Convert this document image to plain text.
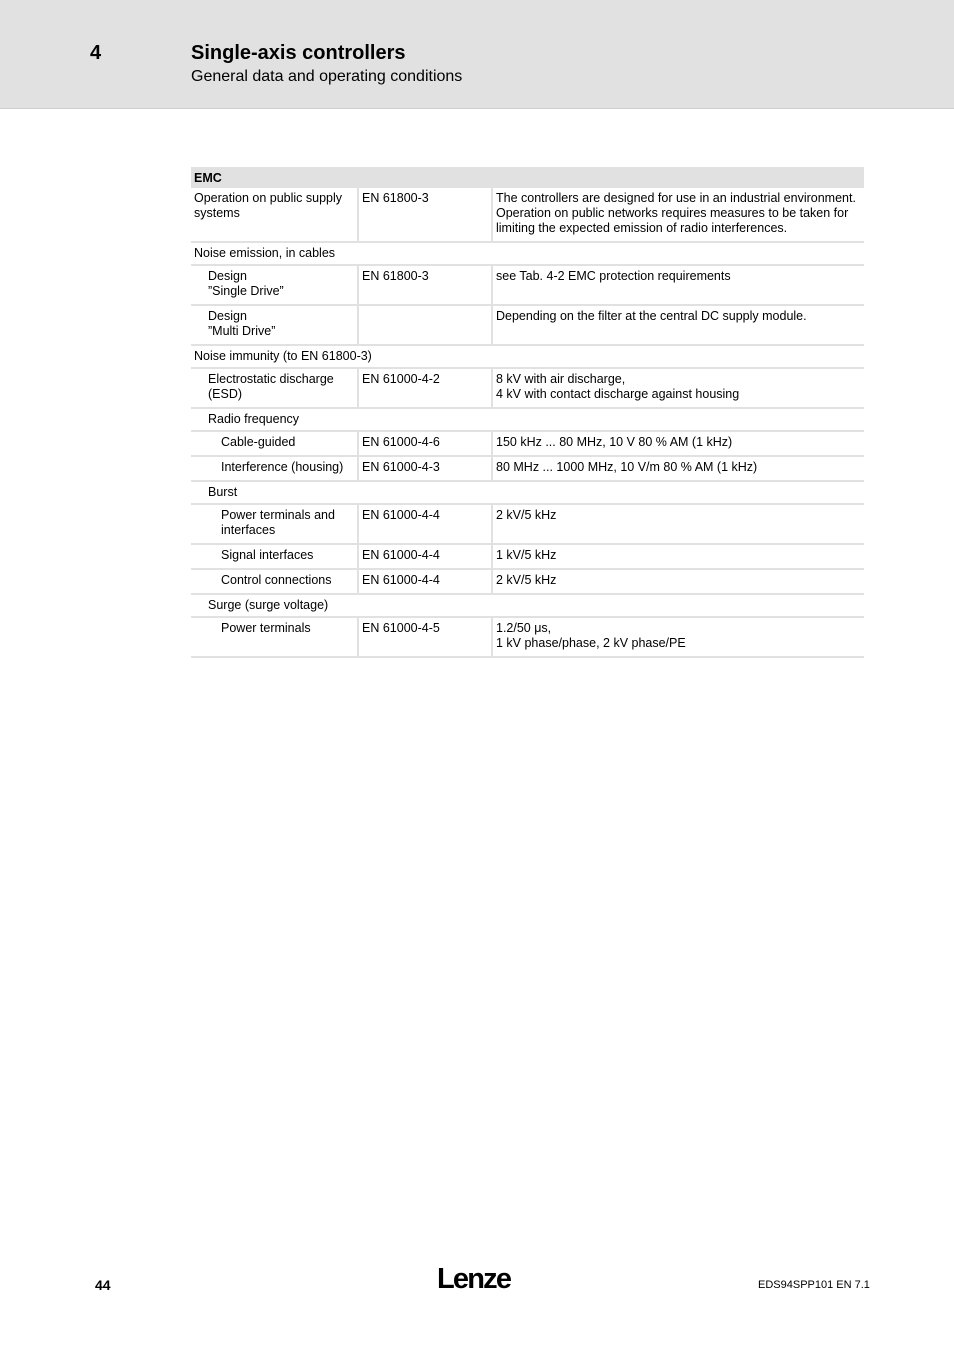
4	Single-axis controllers
General data and operating conditions
EMC		

Operation on public supply systems	EN 61800-3	The controllers are designed for use in an industrial environment. Operation on public networks requires measures to be taken for limiting the expected emission of radio interferences.

Noise emission, in cables		

Design
”Single Drive”	EN 61800-3	see Tab. 4-2 EMC protection requirements

Design
”Multi Drive”		Depending on the filter at the central DC supply module.

Noise immunity (to EN 61800-3)		

Electrostatic discharge (ESD)	EN 61000-4-2	8 kV with air discharge,
4 kV with contact discharge against housing

Radio frequency		

Cable-guided	EN 61000-4-6	150 kHz ... 80 MHz, 10 V 80 % AM (1 kHz)

Interference (housing)	EN 61000-4-3	80 MHz ... 1000 MHz, 10 V/m 80 % AM (1 kHz)

Burst		

Power terminals and interfaces	EN 61000-4-4	2 kV/5 kHz

Signal interfaces	EN 61000-4-4	1 kV/5 kHz

Control connections	EN 61000-4-4	2 kV/5 kHz

Surge (surge voltage)		

Power terminals	EN 61000-4-5	1.2/50 μs,
1 kV phase/phase, 2 kV phase/PE
44	Lenze	EDS94SPP101 EN 7.1
